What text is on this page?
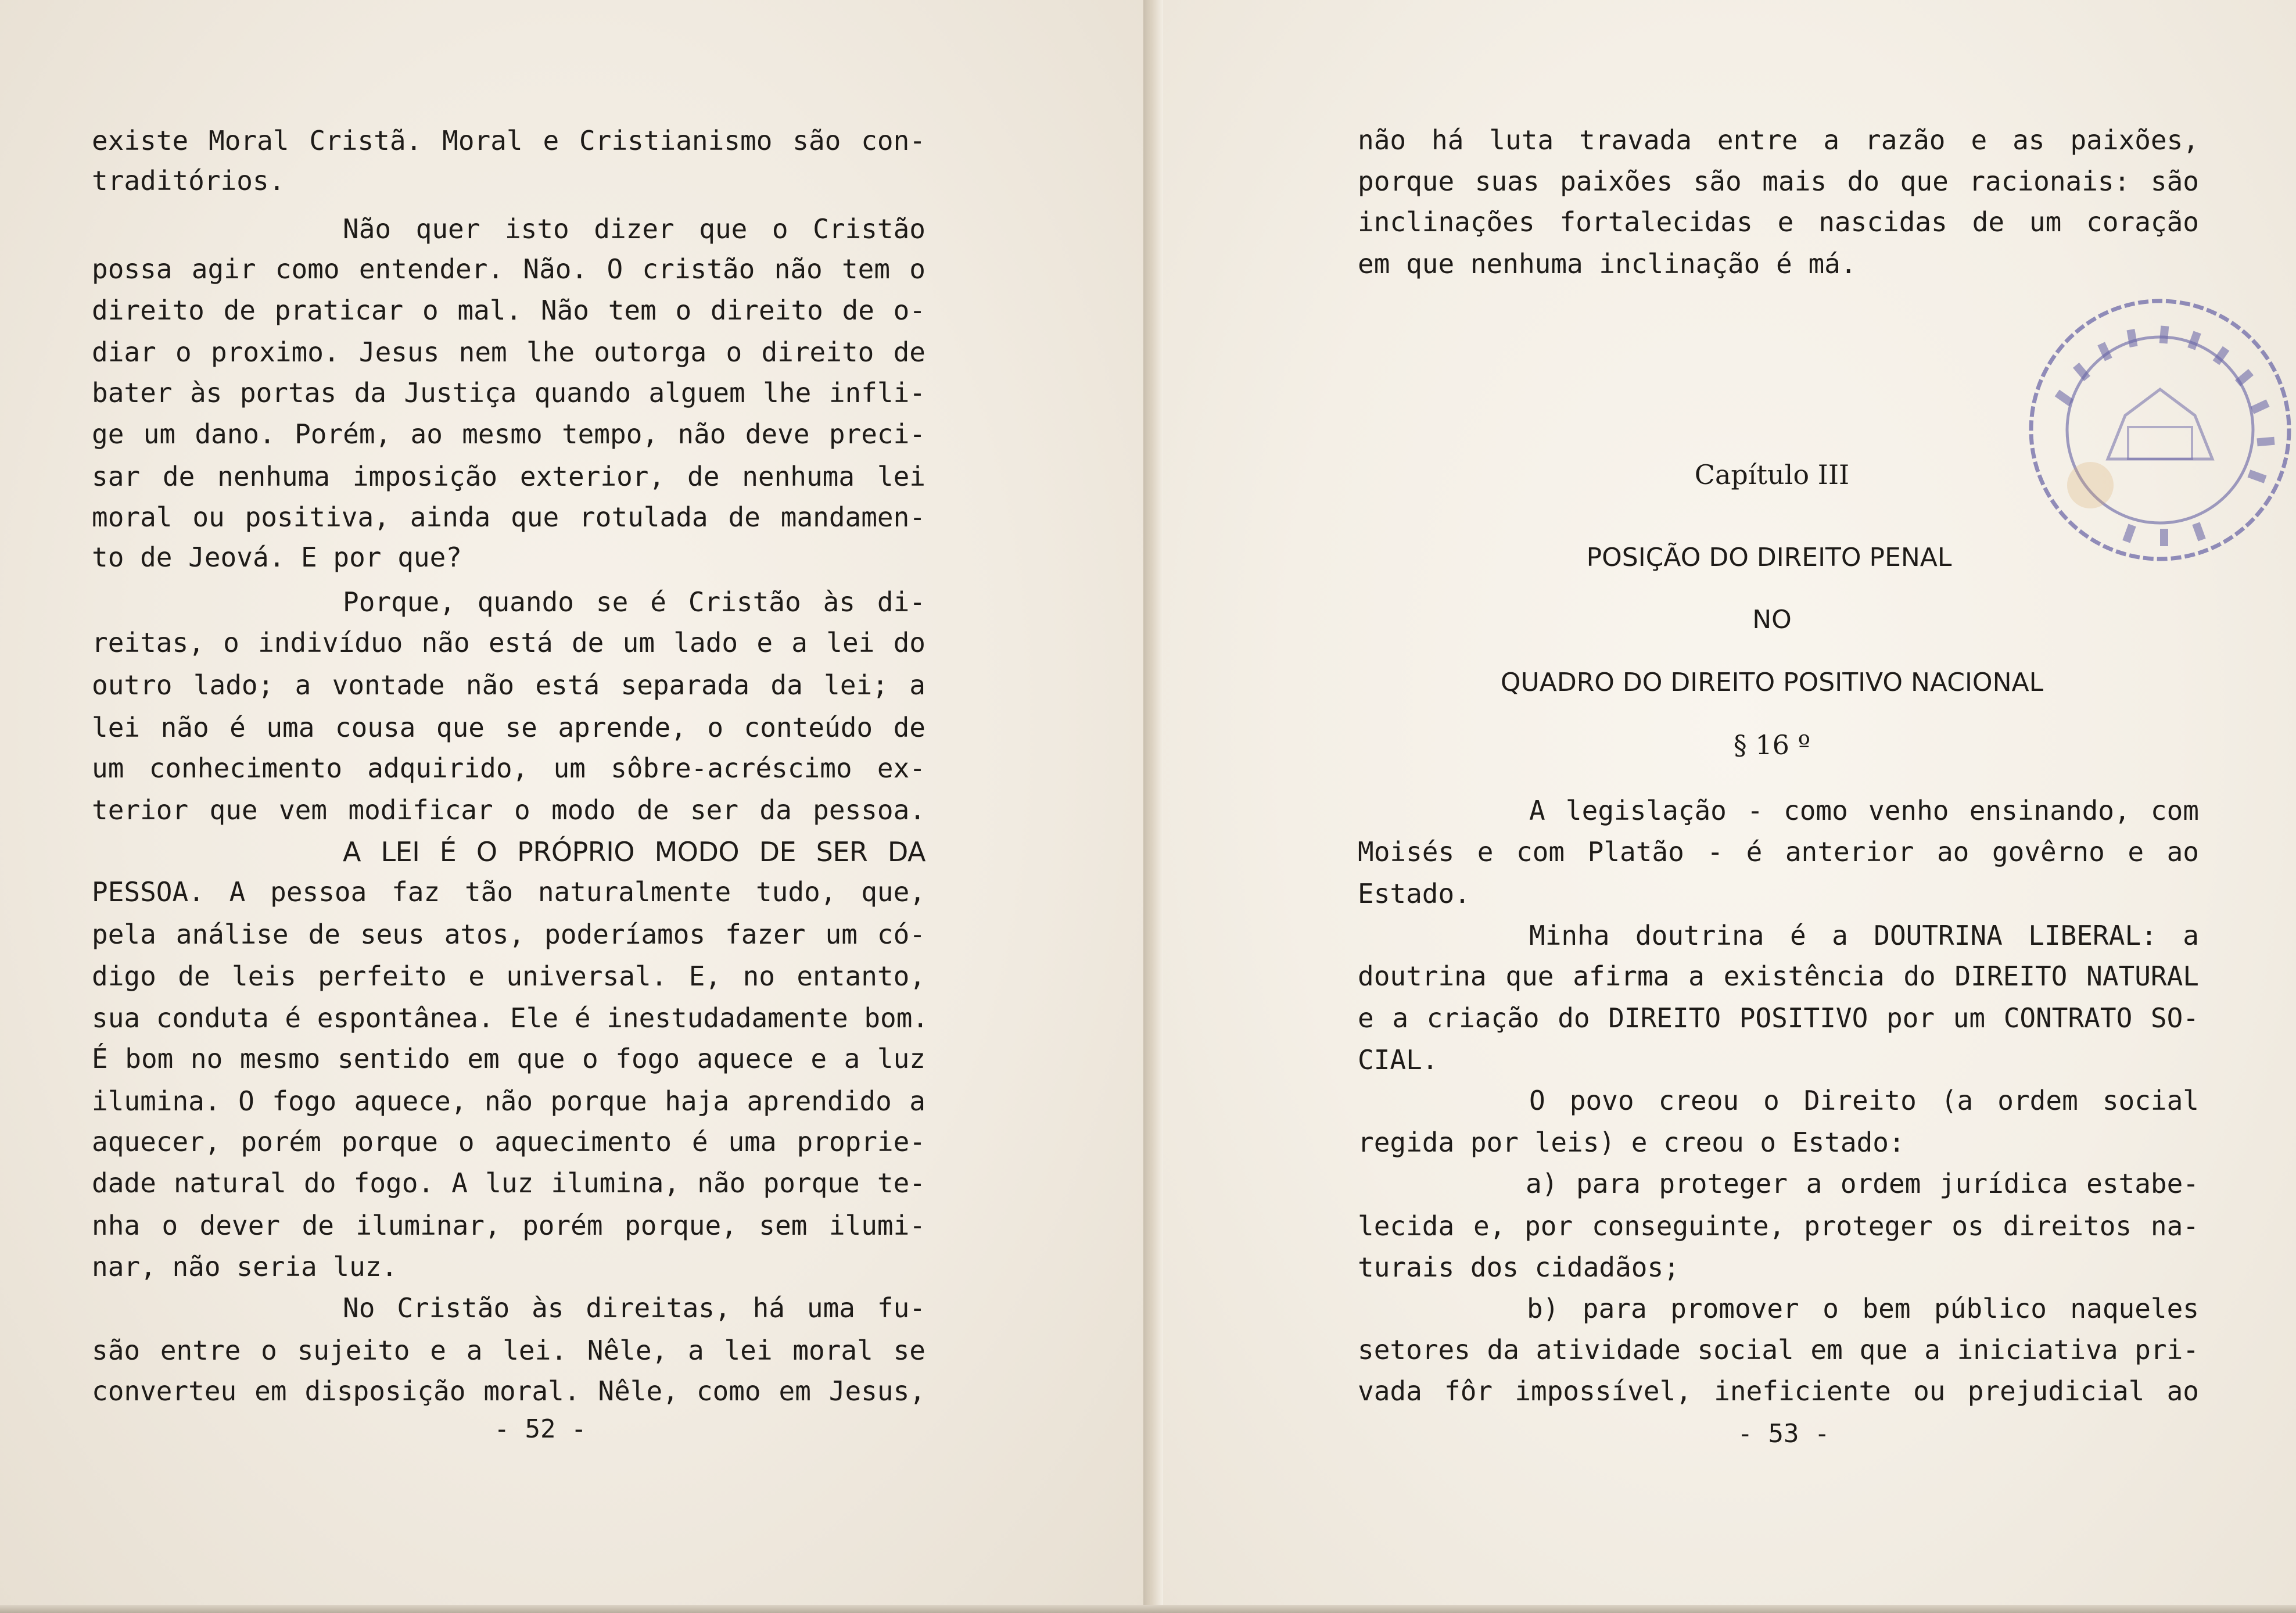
existe Moral Cristã. Moral e Cristianismo são con-

traditórios.

Não quer isto dizer que o Cristão

possa agir como entender. Não. O cristão não tem o

direito de praticar o mal. Não tem o direito de o-

diar o proximo. Jesus nem lhe outorga o direito de

bater às portas da Justiça quando alguem lhe infli-

ge um dano. Porém, ao mesmo tempo, não deve preci-

sar de nenhuma imposição exterior, de nenhuma lei

moral ou positiva, ainda que rotulada de mandamen-

to de Jeová. E por que?

Porque, quando se é Cristão às di-

reitas, o indivíduo não está de um lado e a lei do

outro lado; a vontade não está separada da lei; a

lei não é uma cousa que se aprende, o conteúdo de

um conhecimento adquirido, um sôbre-acréscimo ex-

terior que vem modificar o modo de ser da pessoa.

A LEI É O PRÓPRIO MODO DE SER DA

PESSOA. A pessoa faz tão naturalmente tudo, que,

pela análise de seus atos, poderíamos fazer um có-

digo de leis perfeito e universal. E, no entanto,

sua conduta é espontânea. Ele é inestudadamente bom.

É bom no mesmo sentido em que o fogo aquece e a luz

ilumina. O fogo aquece, não porque haja aprendido a

aquecer, porém porque o aquecimento é uma proprie-

dade natural do fogo. A luz ilumina, não porque te-

nha o dever de iluminar, porém porque, sem ilumi-

nar, não seria luz.

No Cristão às direitas, há uma fu-

são entre o sujeito e a lei. Nêle, a lei moral se

converteu em disposição moral. Nêle, como em Jesus,

- 52 -

não há luta travada entre a razão e as paixões,

porque suas paixões são mais do que racionais: são

inclinações fortalecidas e nascidas de um coração

em que nenhuma inclinação é má.

Capítulo III

POSIÇÃO DO DIREITO PENAL

NO

QUADRO DO DIREITO POSITIVO NACIONAL

§ 16 º

A legislação - como venho ensinando, com

Moisés e com Platão - é anterior ao govêrno e ao

Estado.

Minha doutrina é a DOUTRINA LIBERAL: a

doutrina que afirma a existência do DIREITO NATURAL

e a criação do DIREITO POSITIVO por um CONTRATO SO-

CIAL.

O povo creou o Direito (a ordem social

regida por leis) e creou o Estado:

a) para proteger a ordem jurídica estabe-

lecida e, por conseguinte, proteger os direitos na-

turais dos cidadãos;

b) para promover o bem público naqueles

setores da atividade social em que a iniciativa pri-

vada fôr impossível, ineficiente ou prejudicial ao

- 53 -
